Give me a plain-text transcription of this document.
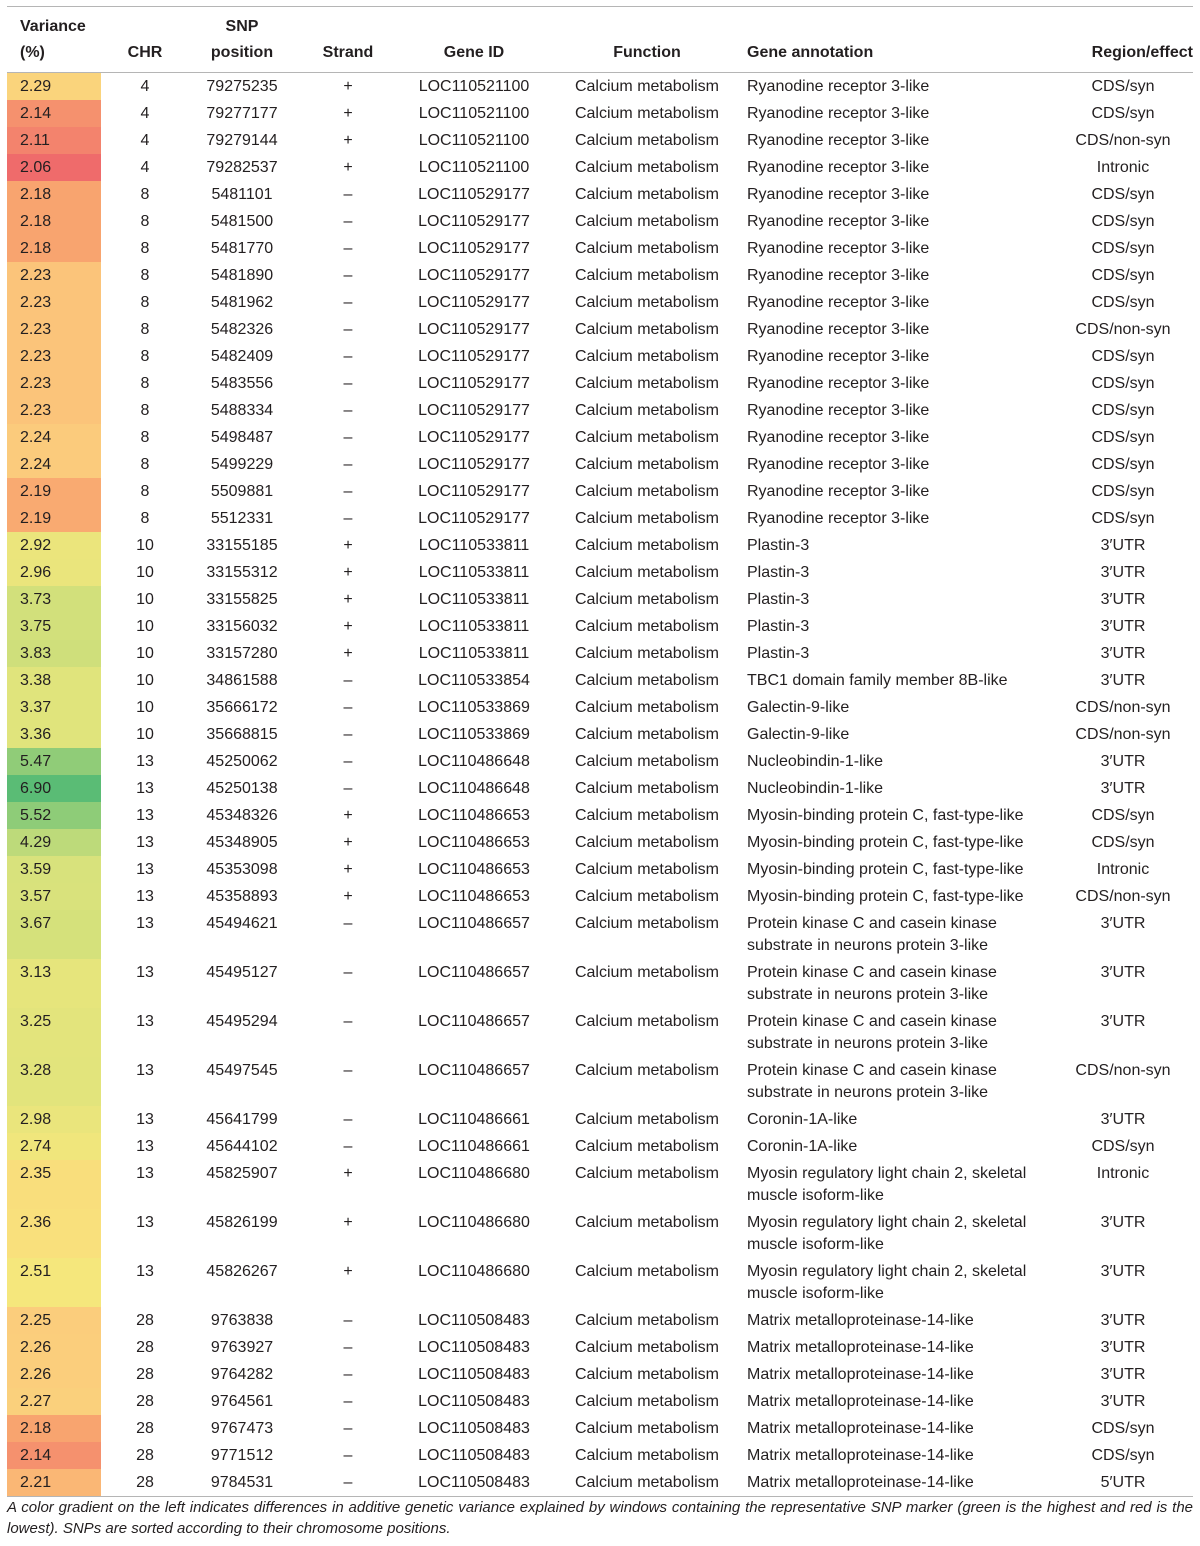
Variance
(%)	CHR	SNP
position	Strand	Gene ID	Function	Gene annotation	Region/effect
2.29	4	79275235	+	LOC110521100	Calcium metabolism	Ryanodine receptor 3-like	CDS/syn
2.14	4	79277177	+	LOC110521100	Calcium metabolism	Ryanodine receptor 3-like	CDS/syn
2.11	4	79279144	+	LOC110521100	Calcium metabolism	Ryanodine receptor 3-like	CDS/non-syn
2.06	4	79282537	+	LOC110521100	Calcium metabolism	Ryanodine receptor 3-like	Intronic
2.18	8	5481101	–	LOC110529177	Calcium metabolism	Ryanodine receptor 3-like	CDS/syn
2.18	8	5481500	–	LOC110529177	Calcium metabolism	Ryanodine receptor 3-like	CDS/syn
2.18	8	5481770	–	LOC110529177	Calcium metabolism	Ryanodine receptor 3-like	CDS/syn
2.23	8	5481890	–	LOC110529177	Calcium metabolism	Ryanodine receptor 3-like	CDS/syn
2.23	8	5481962	–	LOC110529177	Calcium metabolism	Ryanodine receptor 3-like	CDS/syn
2.23	8	5482326	–	LOC110529177	Calcium metabolism	Ryanodine receptor 3-like	CDS/non-syn
2.23	8	5482409	–	LOC110529177	Calcium metabolism	Ryanodine receptor 3-like	CDS/syn
2.23	8	5483556	–	LOC110529177	Calcium metabolism	Ryanodine receptor 3-like	CDS/syn
2.23	8	5488334	–	LOC110529177	Calcium metabolism	Ryanodine receptor 3-like	CDS/syn
2.24	8	5498487	–	LOC110529177	Calcium metabolism	Ryanodine receptor 3-like	CDS/syn
2.24	8	5499229	–	LOC110529177	Calcium metabolism	Ryanodine receptor 3-like	CDS/syn
2.19	8	5509881	–	LOC110529177	Calcium metabolism	Ryanodine receptor 3-like	CDS/syn
2.19	8	5512331	–	LOC110529177	Calcium metabolism	Ryanodine receptor 3-like	CDS/syn
2.92	10	33155185	+	LOC110533811	Calcium metabolism	Plastin-3	3′UTR
2.96	10	33155312	+	LOC110533811	Calcium metabolism	Plastin-3	3′UTR
3.73	10	33155825	+	LOC110533811	Calcium metabolism	Plastin-3	3′UTR
3.75	10	33156032	+	LOC110533811	Calcium metabolism	Plastin-3	3′UTR
3.83	10	33157280	+	LOC110533811	Calcium metabolism	Plastin-3	3′UTR
3.38	10	34861588	–	LOC110533854	Calcium metabolism	TBC1 domain family member 8B-like	3′UTR
3.37	10	35666172	–	LOC110533869	Calcium metabolism	Galectin-9-like	CDS/non-syn
3.36	10	35668815	–	LOC110533869	Calcium metabolism	Galectin-9-like	CDS/non-syn
5.47	13	45250062	–	LOC110486648	Calcium metabolism	Nucleobindin-1-like	3′UTR
6.90	13	45250138	–	LOC110486648	Calcium metabolism	Nucleobindin-1-like	3′UTR
5.52	13	45348326	+	LOC110486653	Calcium metabolism	Myosin-binding protein C, fast-type-like	CDS/syn
4.29	13	45348905	+	LOC110486653	Calcium metabolism	Myosin-binding protein C, fast-type-like	CDS/syn
3.59	13	45353098	+	LOC110486653	Calcium metabolism	Myosin-binding protein C, fast-type-like	Intronic
3.57	13	45358893	+	LOC110486653	Calcium metabolism	Myosin-binding protein C, fast-type-like	CDS/non-syn
3.67	13	45494621	–	LOC110486657	Calcium metabolism	Protein kinase C and casein kinase substrate in neurons protein 3-like	3′UTR
3.13	13	45495127	–	LOC110486657	Calcium metabolism	Protein kinase C and casein kinase substrate in neurons protein 3-like	3′UTR
3.25	13	45495294	–	LOC110486657	Calcium metabolism	Protein kinase C and casein kinase substrate in neurons protein 3-like	3′UTR
3.28	13	45497545	–	LOC110486657	Calcium metabolism	Protein kinase C and casein kinase substrate in neurons protein 3-like	CDS/non-syn
2.98	13	45641799	–	LOC110486661	Calcium metabolism	Coronin-1A-like	3′UTR
2.74	13	45644102	–	LOC110486661	Calcium metabolism	Coronin-1A-like	CDS/syn
2.35	13	45825907	+	LOC110486680	Calcium metabolism	Myosin regulatory light chain 2, skeletal muscle isoform-like	Intronic
2.36	13	45826199	+	LOC110486680	Calcium metabolism	Myosin regulatory light chain 2, skeletal muscle isoform-like	3′UTR
2.51	13	45826267	+	LOC110486680	Calcium metabolism	Myosin regulatory light chain 2, skeletal muscle isoform-like	3′UTR
2.25	28	9763838	–	LOC110508483	Calcium metabolism	Matrix metalloproteinase-14-like	3′UTR
2.26	28	9763927	–	LOC110508483	Calcium metabolism	Matrix metalloproteinase-14-like	3′UTR
2.26	28	9764282	–	LOC110508483	Calcium metabolism	Matrix metalloproteinase-14-like	3′UTR
2.27	28	9764561	–	LOC110508483	Calcium metabolism	Matrix metalloproteinase-14-like	3′UTR
2.18	28	9767473	–	LOC110508483	Calcium metabolism	Matrix metalloproteinase-14-like	CDS/syn
2.14	28	9771512	–	LOC110508483	Calcium metabolism	Matrix metalloproteinase-14-like	CDS/syn
2.21	28	9784531	–	LOC110508483	Calcium metabolism	Matrix metalloproteinase-14-like	5′UTR
A color gradient on the left indicates differences in additive genetic variance explained by windows containing the representative SNP marker (green is the highest and red is the lowest). SNPs are sorted according to their chromosome positions.
